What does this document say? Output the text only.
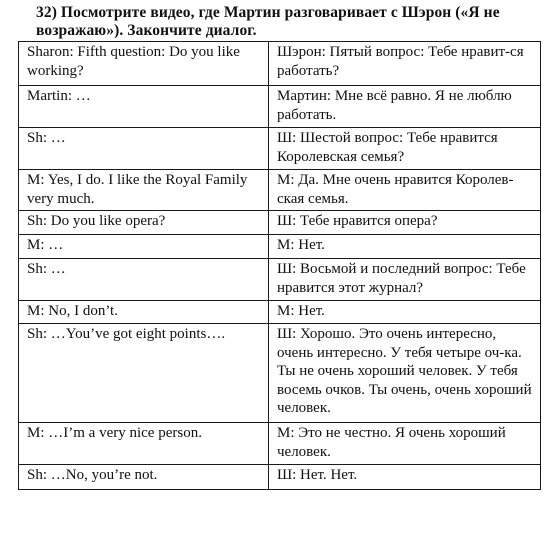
32) Посмотрите видео, где Мартин разговаривает с Шэрон («Я не возражаю»). Закончите диалог.
Sharon: Fifth question: Do you like working?	Шэрон: Пятый вопрос: Тебе нравит-ся работать?
Martin: …	Мартин: Мне всё равно. Я не люблю работать.
Sh: …	Ш: Шестой вопрос: Тебе нравится Королевская семья?
M: Yes, I do. I like the Royal Family very much.	М: Да. Мне очень нравится Королев-ская семья.
Sh: Do you like opera?	Ш: Тебе нравится опера?
M: …	М: Нет.
Sh: …	Ш: Восьмой и последний вопрос: Тебе нравится этот журнал?
M: No, I don’t.	М: Нет.
Sh: …You’ve got eight points….	Ш: Хорошо. Это очень интересно, очень интересно. У тебя четыре оч-ка. Ты не очень хороший человек. У тебя восемь очков. Ты очень, очень хороший человек.
M: …I’m a very nice person.	М: Это не честно. Я очень хороший человек.
Sh: …No, you’re not.	Ш: Нет. Нет.
